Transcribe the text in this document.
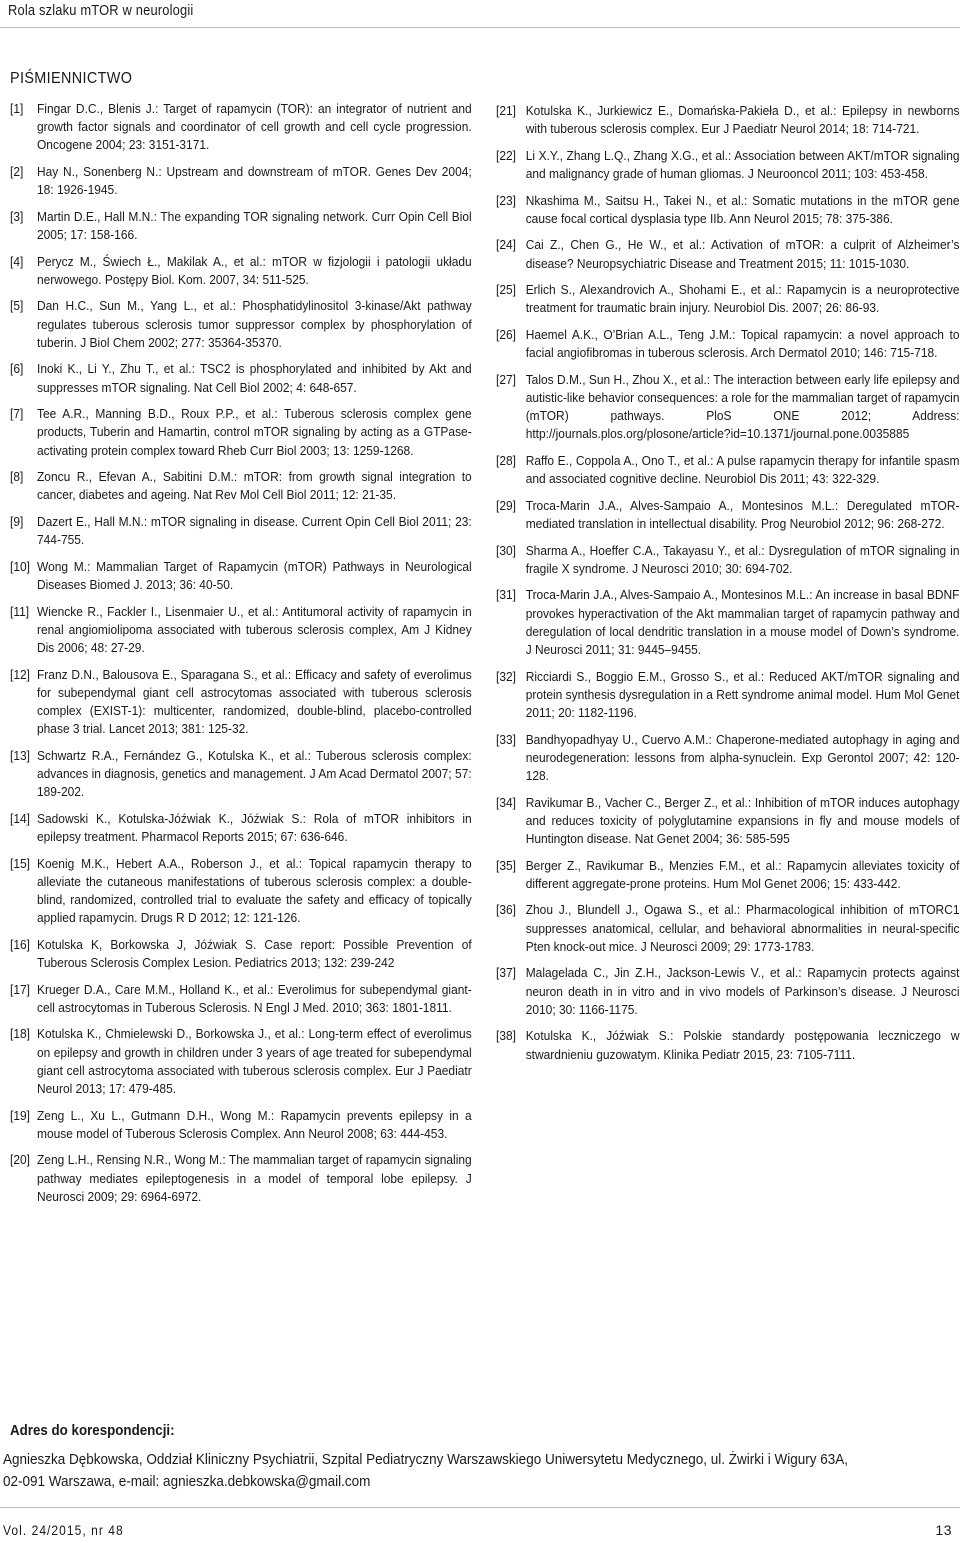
Rola szlaku mTOR w neurologii
PIŚMIENNICTWO
[1] Fingar D.C., Blenis J.: Target of rapamycin (TOR): an integrator of nutrient and growth factor signals and coordinator of cell growth and cell cycle progression. Oncogene 2004; 23: 3151-3171.
[2] Hay N., Sonenberg N.: Upstream and downstream of mTOR. Genes Dev 2004; 18: 1926-1945.
[3] Martin D.E., Hall M.N.: The expanding TOR signaling network. Curr Opin Cell Biol 2005; 17: 158-166.
[4] Perycz M., Świech Ł., Makilak A., et al.: mTOR w fizjologii i patologii układu nerwowego. Postępy Biol. Kom. 2007, 34: 511-525.
[5] Dan H.C., Sun M., Yang L., et al.: Phosphatidylinositol 3-kinase/Akt pathway regulates tuberous sclerosis tumor suppressor complex by phosphorylation of tuberin. J Biol Chem 2002; 277: 35364-35370.
[6] Inoki K., Li Y., Zhu T., et al.: TSC2 is phosphorylated and inhibited by Akt and suppresses mTOR signaling. Nat Cell Biol 2002; 4: 648-657.
[7] Tee A.R., Manning B.D., Roux P.P., et al.: Tuberous sclerosis complex gene products, Tuberin and Hamartin, control mTOR signaling by acting as a GTPase-activating protein complex toward Rheb Curr Biol 2003; 13: 1259-1268.
[8] Zoncu R., Efevan A., Sabitini D.M.: mTOR: from growth signal integration to cancer, diabetes and ageing. Nat Rev Mol Cell Biol 2011; 12: 21-35.
[9] Dazert E., Hall M.N.: mTOR signaling in disease. Current Opin Cell Biol 2011; 23: 744-755.
[10] Wong M.: Mammalian Target of Rapamycin (mTOR) Pathways in Neurological Diseases Biomed J. 2013; 36: 40-50.
[11] Wiencke R., Fackler I., Lisenmaier U., et al.: Antitumoral activity of rapamycin in renal angiomiolipoma associated with tuberous sclerosis complex, Am J Kidney Dis 2006; 48: 27-29.
[12] Franz D.N., Balousova E., Sparagana S., et al.: Efficacy and safety of everolimus for subependymal giant cell astrocytomas associated with tuberous sclerosis complex (EXIST-1): multicenter, randomized, double-blind, placebo-controlled phase 3 trial. Lancet 2013; 381: 125-32.
[13] Schwartz R.A., Fernández G., Kotulska K., et al.: Tuberous sclerosis complex: advances in diagnosis, genetics and management. J Am Acad Dermatol 2007; 57: 189-202.
[14] Sadowski K., Kotulska-Jóźwiak K., Jóźwiak S.: Rola of mTOR inhibitors in epilepsy treatment. Pharmacol Reports 2015; 67: 636-646.
[15] Koenig M.K., Hebert A.A., Roberson J., et al.: Topical rapamycin therapy to alleviate the cutaneous manifestations of tuberous sclerosis complex: a double-blind, randomized, controlled trial to evaluate the safety and efficacy of topically applied rapamycin. Drugs R D 2012; 12: 121-126.
[16] Kotulska K, Borkowska J, Jóźwiak S. Case report: Possible Prevention of Tuberous Sclerosis Complex Lesion. Pediatrics 2013; 132: 239-242
[17] Krueger D.A., Care M.M., Holland K., et al.: Everolimus for subependymal giant-cell astrocytomas in Tuberous Sclerosis. N Engl J Med. 2010; 363: 1801-1811.
[18] Kotulska K., Chmielewski D., Borkowska J., et al.: Long-term effect of everolimus on epilepsy and growth in children under 3 years of age treated for subependymal giant cell astrocytoma associated with tuberous sclerosis complex. Eur J Paediatr Neurol 2013; 17: 479-485.
[19] Zeng L., Xu L., Gutmann D.H., Wong M.: Rapamycin prevents epilepsy in a mouse model of Tuberous Sclerosis Complex. Ann Neurol 2008; 63: 444-453.
[20] Zeng L.H., Rensing N.R., Wong M.: The mammalian target of rapamycin signaling pathway mediates epileptogenesis in a model of temporal lobe epilepsy. J Neurosci 2009; 29: 6964-6972.
[21] Kotulska K., Jurkiewicz E., Domańska-Pakieła D., et al.: Epilepsy in newborns with tuberous sclerosis complex. Eur J Paediatr Neurol 2014; 18: 714-721.
[22] Li X.Y., Zhang L.Q., Zhang X.G., et al.: Association between AKT/mTOR signaling and malignancy grade of human gliomas. J Neurooncol 2011; 103: 453-458.
[23] Nkashima M., Saitsu H., Takei N., et al.: Somatic mutations in the mTOR gene cause focal cortical dysplasia type IIb. Ann Neurol 2015; 78: 375-386.
[24] Cai Z., Chen G., He W., et al.: Activation of mTOR: a culprit of Alzheimer’s disease? Neuropsychiatric Disease and Treatment 2015; 11: 1015-1030.
[25] Erlich S., Alexandrovich A., Shohami E., et al.: Rapamycin is a neuroprotective treatment for traumatic brain injury. Neurobiol Dis. 2007; 26: 86-93.
[26] Haemel A.K., O’Brian A.L., Teng J.M.: Topical rapamycin: a novel approach to facial angiofibromas in tuberous sclerosis. Arch Dermatol 2010; 146: 715-718.
[27] Talos D.M., Sun H., Zhou X., et al.: The interaction between early life epilepsy and autistic-like behavior consequences: a role for the mammalian target of rapamycin (mTOR) pathways. PloS ONE 2012; Address: http://journals.plos.org/plosone/article?id=10.1371/journal.pone.0035885
[28] Raffo E., Coppola A., Ono T., et al.: A pulse rapamycin therapy for infantile spasm and associated cognitive decline. Neurobiol Dis 2011; 43: 322-329.
[29] Troca-Marin J.A., Alves-Sampaio A., Montesinos M.L.: Deregulated mTOR-mediated translation in intellectual disability. Prog Neurobiol 2012; 96: 268-272.
[30] Sharma A., Hoeffer C.A., Takayasu Y., et al.: Dysregulation of mTOR signaling in fragile X syndrome. J Neurosci 2010; 30: 694-702.
[31] Troca-Marin J.A., Alves-Sampaio A., Montesinos M.L.: An increase in basal BDNF provokes hyperactivation of the Akt mammalian target of rapamycin pathway and deregulation of local dendritic translation in a mouse model of Down’s syndrome. J Neurosci 2011; 31: 9445–9455.
[32] Ricciardi S., Boggio E.M., Grosso S., et al.: Reduced AKT/mTOR signaling and protein synthesis dysregulation in a Rett syndrome animal model. Hum Mol Genet 2011; 20: 1182-1196.
[33] Bandhyopadhyay U., Cuervo A.M.: Chaperone-mediated autophagy in aging and neurodegeneration: lessons from alpha-synuclein. Exp Gerontol 2007; 42: 120-128.
[34] Ravikumar B., Vacher C., Berger Z., et al.: Inhibition of mTOR induces autophagy and reduces toxicity of polyglutamine expansions in fly and mouse models of Huntington disease. Nat Genet 2004; 36: 585-595
[35] Berger Z., Ravikumar B., Menzies F.M., et al.: Rapamycin alleviates toxicity of different aggregate-prone proteins. Hum Mol Genet 2006; 15: 433-442.
[36] Zhou J., Blundell J., Ogawa S., et al.: Pharmacological inhibition of mTORC1 suppresses anatomical, cellular, and behavioral abnormalities in neural-specific Pten knock-out mice. J Neurosci 2009; 29: 1773-1783.
[37] Malagelada C., Jin Z.H., Jackson-Lewis V., et al.: Rapamycin protects against neuron death in in vitro and in vivo models of Parkinson’s disease. J Neurosci 2010; 30: 1166-1175.
[38] Kotulska K., Jóźwiak S.: Polskie standardy postępowania leczniczego w stwardnieniu guzowatym. Klinika Pediatr 2015, 23: 7105-7111.
Adres do korespondencji:
Agnieszka Dębkowska, Oddział Kliniczny Psychiatrii, Szpital Pediatryczny Warszawskiego Uniwersytetu Medycznego, ul. Żwirki i Wigury 63A,
02-091 Warszawa, e-mail: agnieszka.debkowska@gmail.com
Vol. 24/2015, nr 48	13
